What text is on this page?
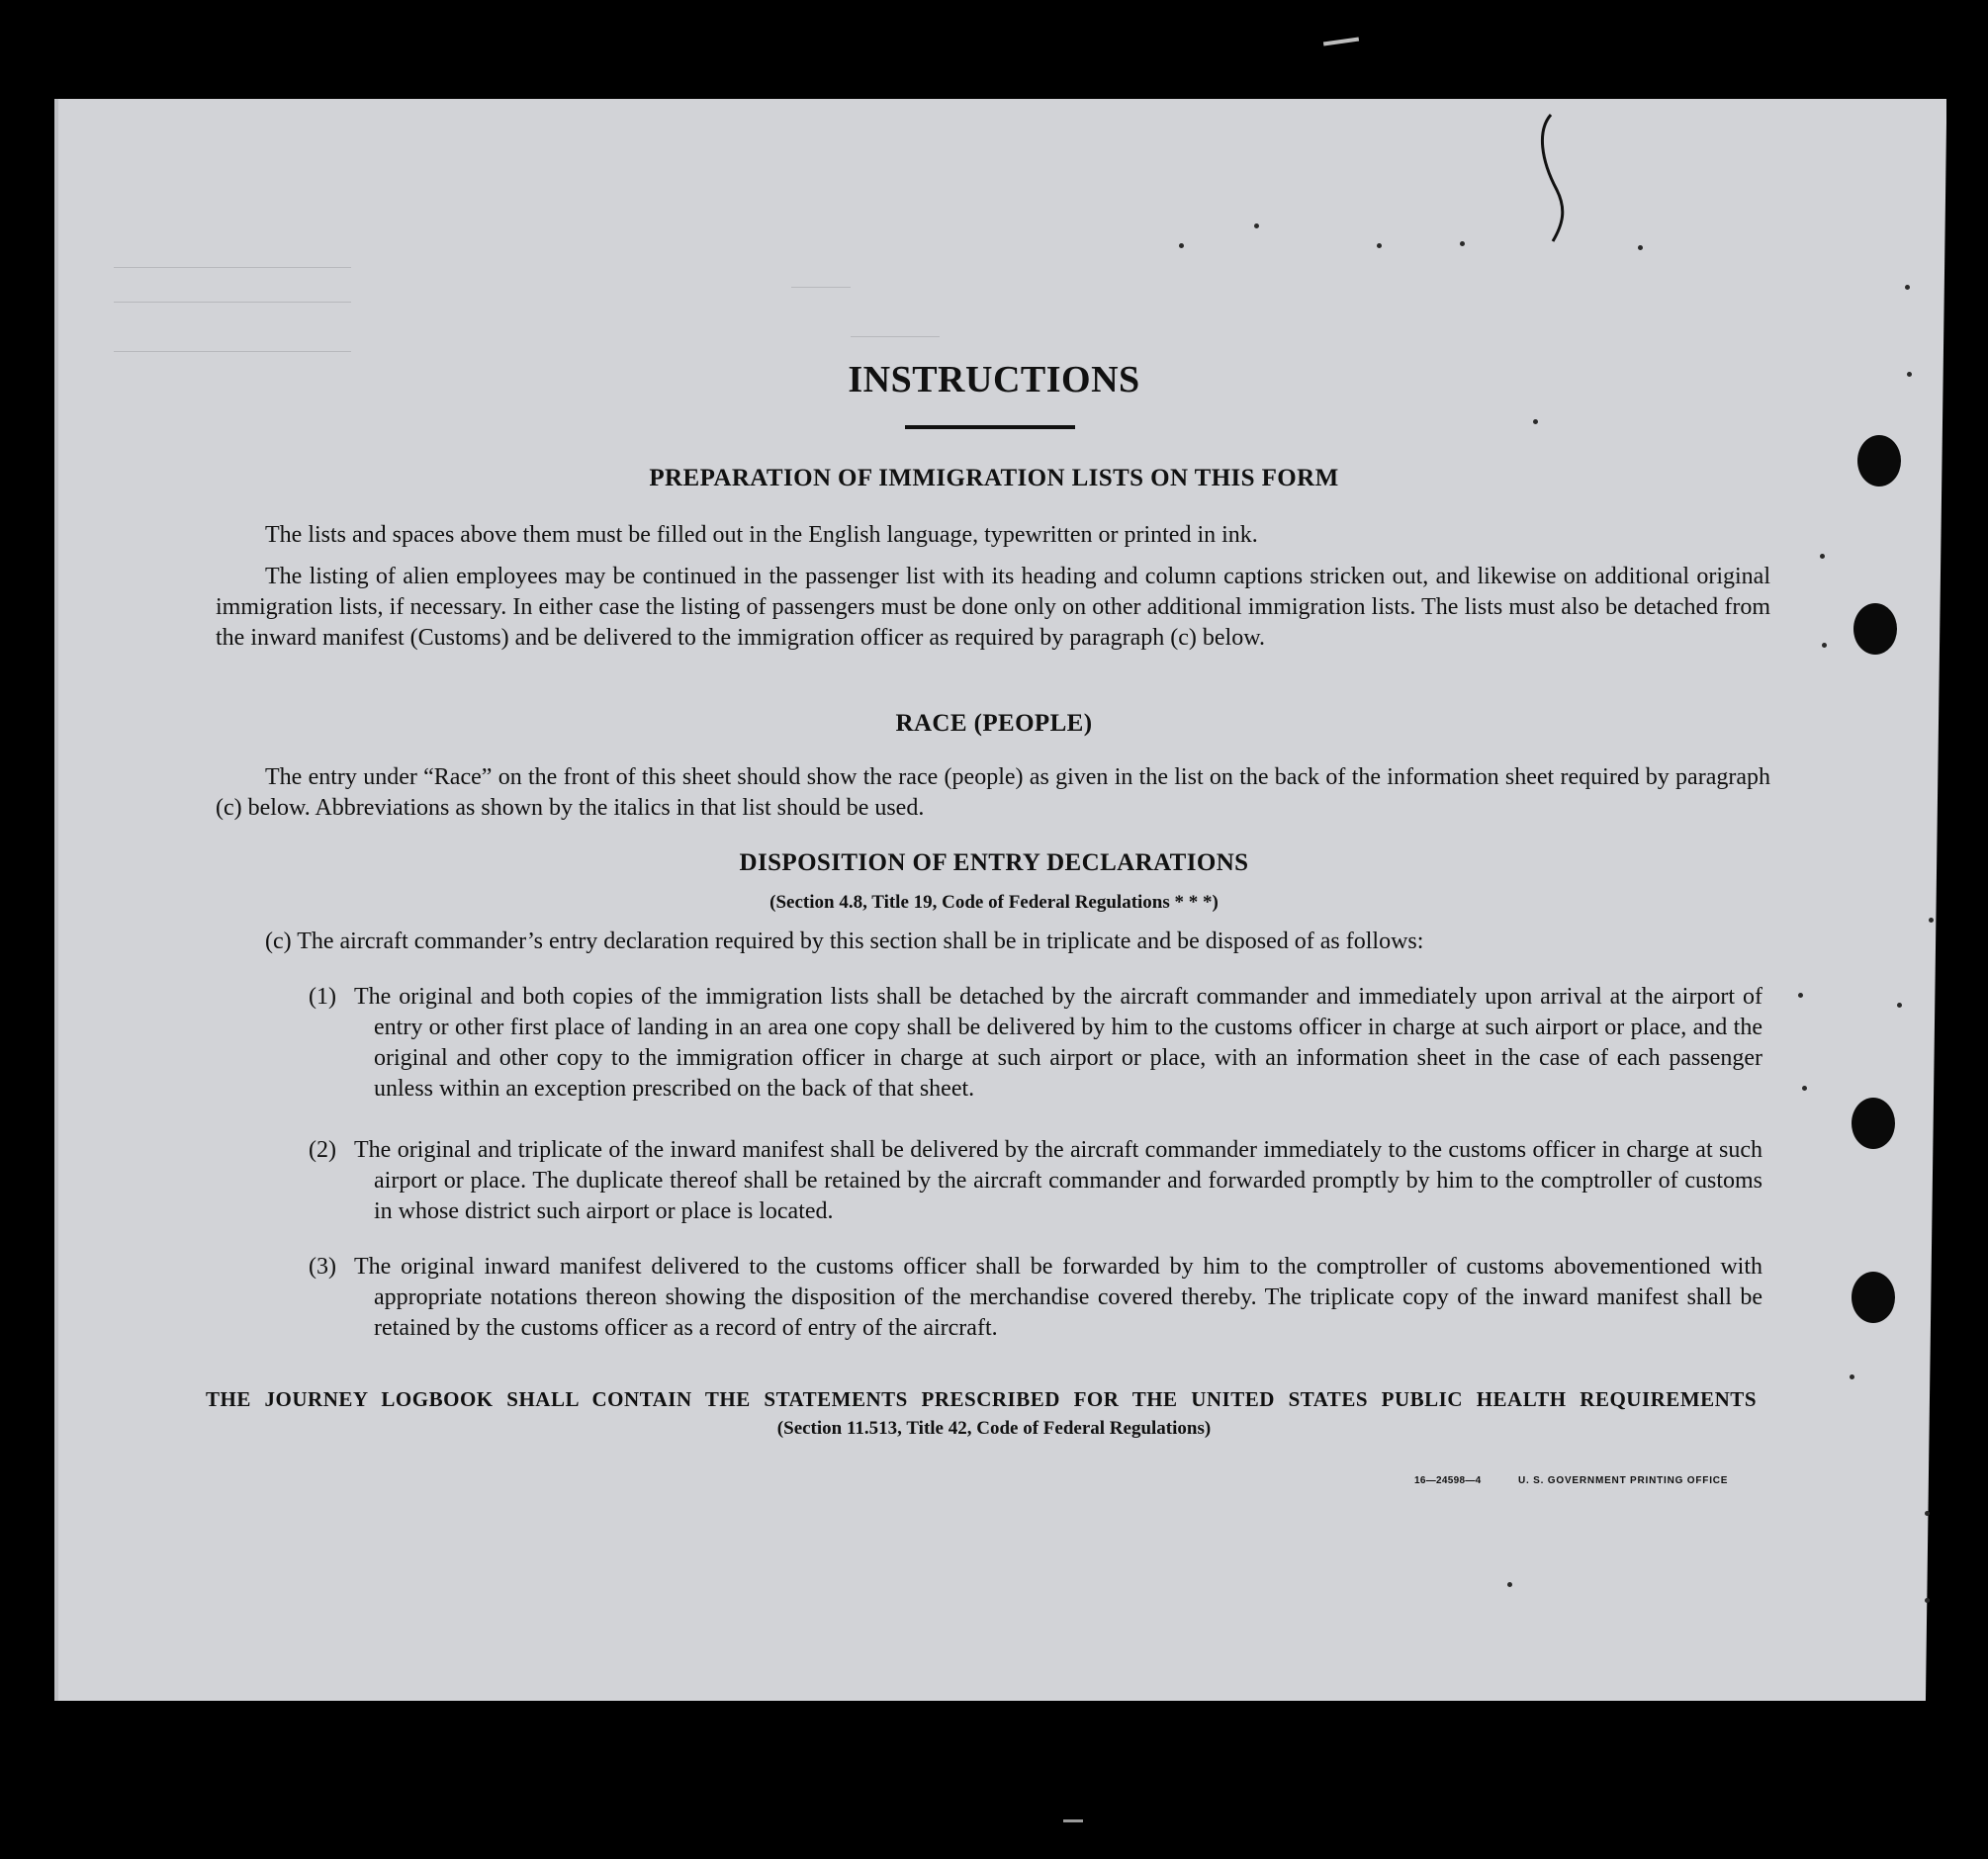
INSTRUCTIONS
PREPARATION OF IMMIGRATION LISTS ON THIS FORM

The lists and spaces above them must be filled out in the English language, typewritten or printed in ink.

The listing of alien employees may be continued in the passenger list with its heading and column captions stricken out, and likewise on additional original immigration lists, if necessary. In either case the listing of passengers must be done only on other additional immigration lists. The lists must also be detached from the inward manifest (Customs) and be delivered to the immigration officer as required by paragraph (c) below.

RACE (PEOPLE)

The entry under “Race” on the front of this sheet should show the race (people) as given in the list on the back of the information sheet required by paragraph (c) below. Abbreviations as shown by the italics in that list should be used.

DISPOSITION OF ENTRY DECLARATIONS

(Section 4.8, Title 19, Code of Federal Regulations * * *)

(c) The aircraft commander’s entry declaration required by this section shall be in triplicate and be disposed of as follows:

(1) The original and both copies of the immigration lists shall be detached by the aircraft commander and immediately upon arrival at the airport of entry or other first place of landing in an area one copy shall be delivered by him to the customs officer in charge at such airport or place, and the original and other copy to the immigration officer in charge at such airport or place, with an information sheet in the case of each passenger unless within an exception prescribed on the back of that sheet.

(2) The original and triplicate of the inward manifest shall be delivered by the aircraft commander immediately to the customs officer in charge at such airport or place. The duplicate thereof shall be retained by the aircraft commander and forwarded promptly by him to the comptroller of customs in whose district such airport or place is located.

(3) The original inward manifest delivered to the customs officer shall be forwarded by him to the comptroller of customs abovementioned with appropriate notations thereon showing the disposition of the merchandise covered thereby. The triplicate copy of the inward manifest shall be retained by the customs officer as a record of entry of the aircraft.

THE JOURNEY LOGBOOK SHALL CONTAIN THE STATEMENTS PRESCRIBED FOR THE UNITED STATES PUBLIC HEALTH REQUIREMENTS

(Section 11.513, Title 42, Code of Federal Regulations)

16—24598—4	U. S. GOVERNMENT PRINTING OFFICE
